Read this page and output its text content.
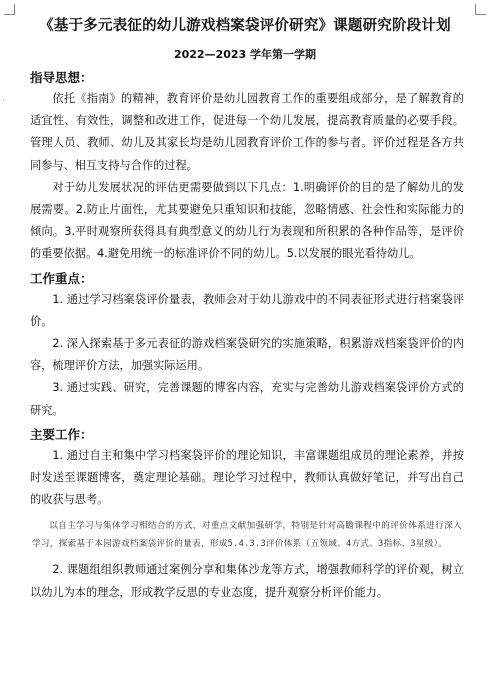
·
《基于多元表征的幼儿游戏档案袋评价研究》课题研究阶段计划
2022—2023 学年第一学期
指导思想：

依托《指南》的精神，教育评价是幼儿园教育工作的重要组成部分，是了解教育的适宜性、有效性，调整和改进工作，促进每一个幼儿发展，提高教育质量的必要手段。管理人员、教师、幼儿及其家长均是幼儿园教育评价工作的参与者。评价过程是各方共同参与、相互支持与合作的过程。

对于幼儿发展状况的评估更需要做到以下几点：1.明确评价的目的是了解幼儿的发展需要。2.防止片面性，尤其要避免只重知识和技能，忽略情感、社会性和实际能力的倾向。3.平时观察所获得具有典型意义的幼儿行为表现和所积累的各种作品等，是评价的重要依据。4.避免用统一的标准评价不同的幼儿。5.以发展的眼光看待幼儿。

工作重点：

1. 通过学习档案袋评价量表，教师会对于幼儿游戏中的不同表征形式进行档案袋评价。

2. 深入探索基于多元表征的游戏档案袋研究的实施策略，积累游戏档案袋评价的内容，梳理评价方法，加强实际运用。

3. 通过实践、研究，完善课题的博客内容，充实与完善幼儿游戏档案袋评价方式的研究。

主要工作：

1. 通过自主和集中学习档案袋评价的理论知识，丰富课题组成员的理论素养，并按时发送至课题博客，奠定理论基础。理论学习过程中，教师认真做好笔记，并写出自己的收获与思考。

以自主学习与集体学习相结合的方式，对重点文献加强研学，特别是针对高瞻课程中的评价体系进行深入学习，探索基于本园游戏档案袋评价的量表，形成5.4.3.3评价体系（五领域、4方式、3指标、3星级）。

2. 课题组组织教师通过案例分享和集体沙龙等方式，增强教师科学的评价观，树立以幼儿为本的理念，形成教学反思的专业态度，提升观察分析评价能力。
